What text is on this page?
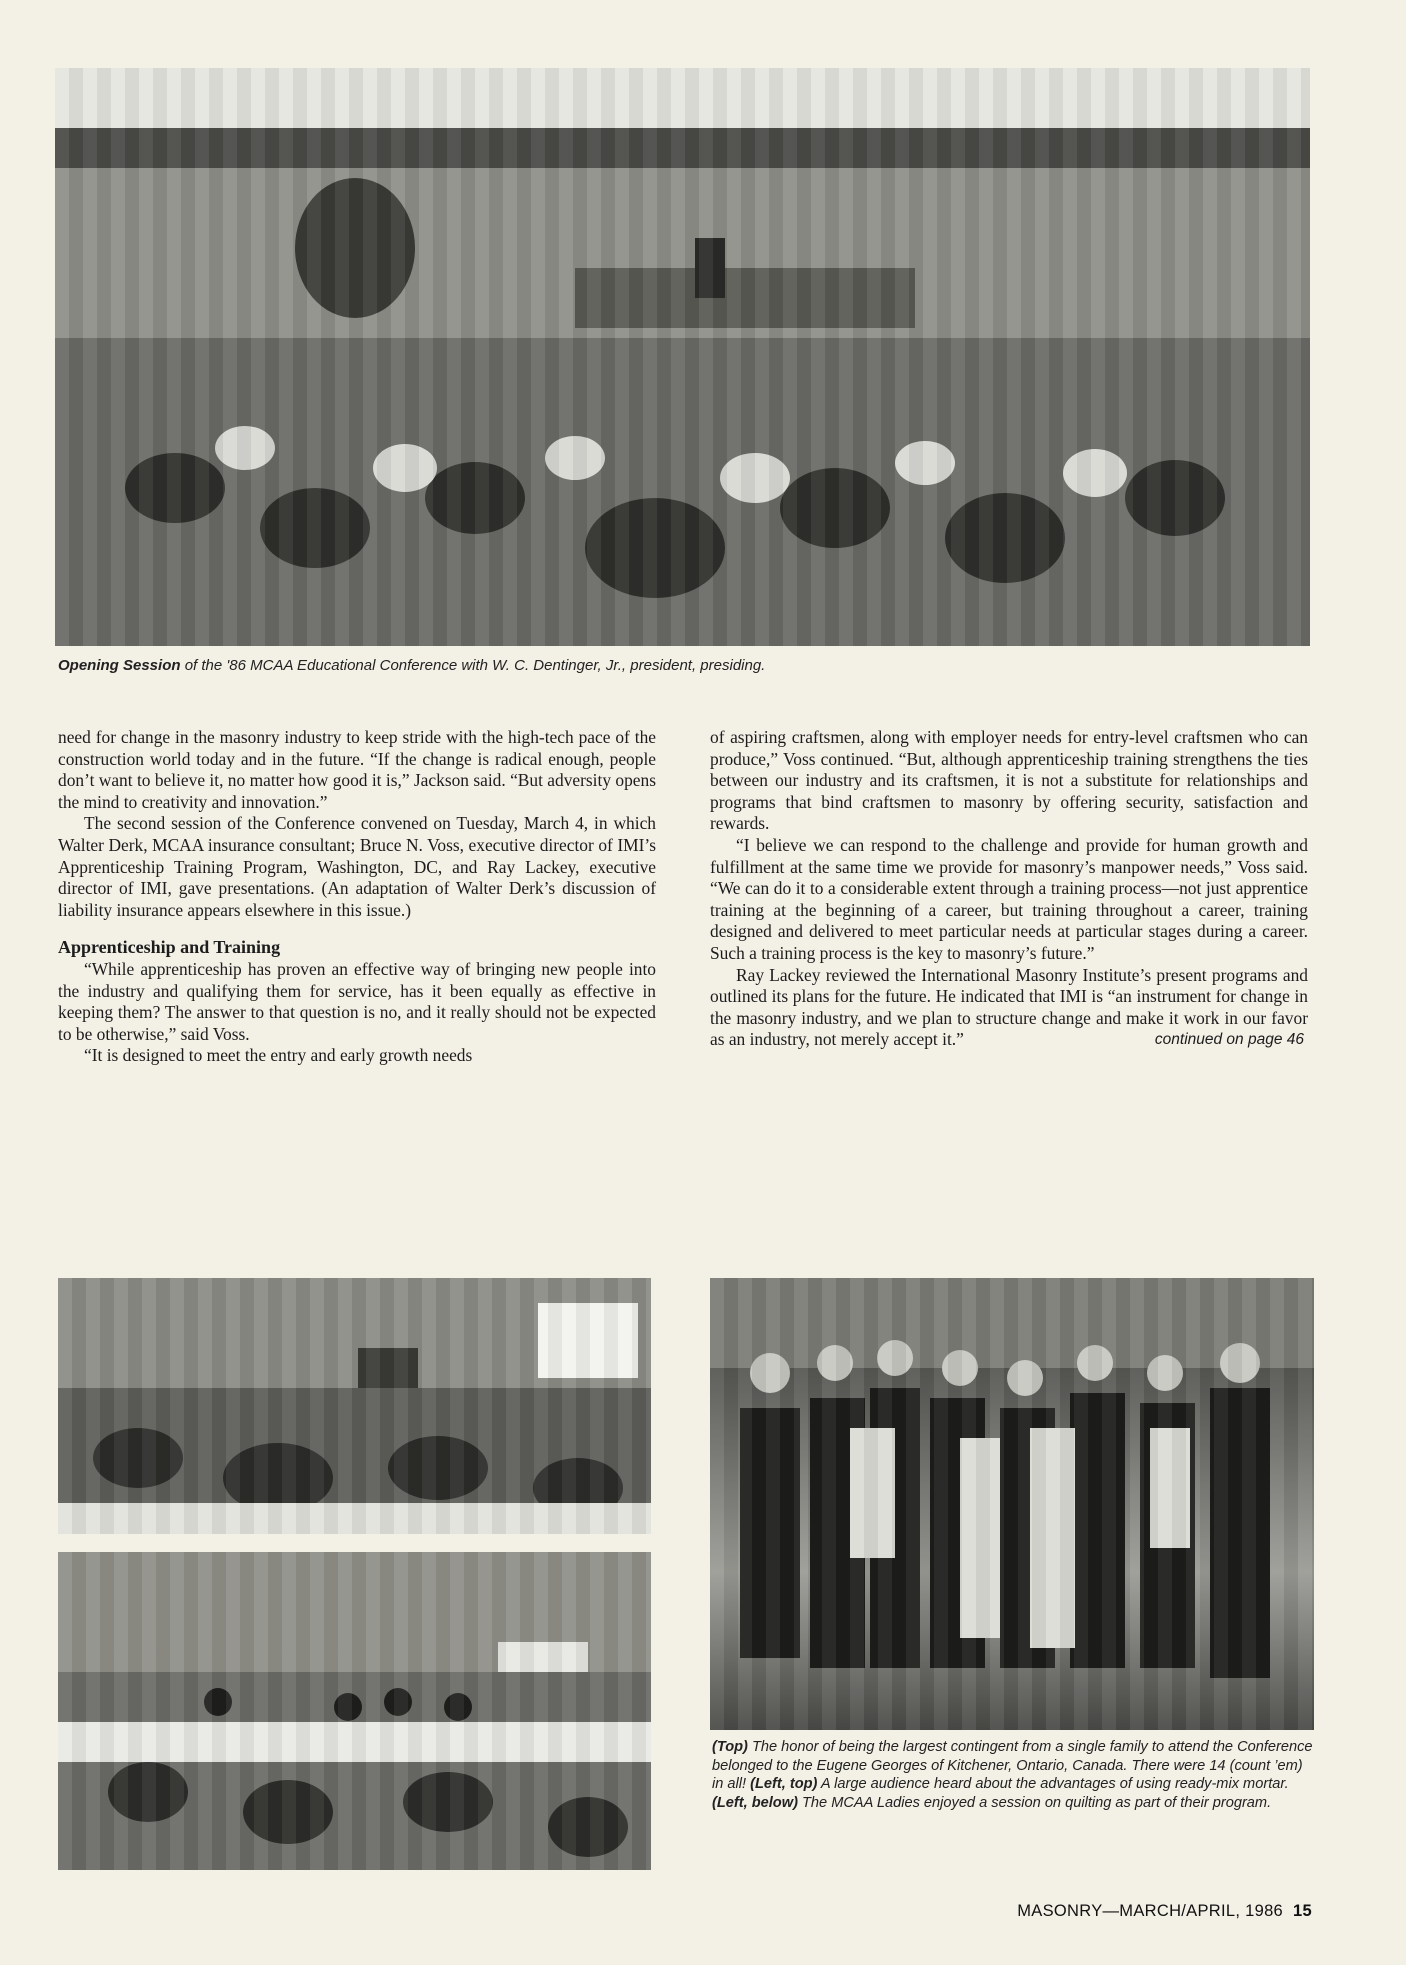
Opening Session of the '86 MCAA Educational Conference with W. C. Dentinger, Jr., president, presiding.

need for change in the masonry industry to keep stride with the high-tech pace of the construction world today and in the future. “If the change is radical enough, people don’t want to believe it, no matter how good it is,” Jackson said. “But adversity opens the mind to creativity and innovation.”

The second session of the Conference convened on Tuesday, March 4, in which Walter Derk, MCAA insurance consultant; Bruce N. Voss, executive director of IMI’s Apprenticeship Training Program, Washington, DC, and Ray Lackey, executive director of IMI, gave presentations. (An adaptation of Walter Derk’s discussion of liability insurance appears elsewhere in this issue.)

Apprenticeship and Training

“While apprenticeship has proven an effective way of bringing new people into the industry and qualifying them for service, has it been equally as effective in keeping them? The answer to that question is no, and it really should not be expected to be otherwise,” said Voss.

“It is designed to meet the entry and early growth needs

of aspiring craftsmen, along with employer needs for entry-level craftsmen who can produce,” Voss continued. “But, although apprenticeship training strengthens the ties between our industry and its craftsmen, it is not a substitute for relationships and programs that bind craftsmen to masonry by offering security, satisfaction and rewards.

“I believe we can respond to the challenge and provide for human growth and fulfillment at the same time we provide for masonry’s manpower needs,” Voss said. “We can do it to a considerable extent through a training process—not just apprentice training at the beginning of a career, but training throughout a career, training designed and delivered to meet particular needs at particular stages during a career. Such a training process is the key to masonry’s future.”

Ray Lackey reviewed the International Masonry Institute’s present programs and outlined its plans for the future. He indicated that IMI is “an instrument for change in the masonry industry, and we plan to structure change and make it work in our favor as an industry, not merely accept it.”	continued on page 46

(Top) The honor of being the largest contingent from a single family to attend the Conference belonged to the Eugene Georges of Kitchener, Ontario, Canada. There were 14 (count ’em) in all! (Left, top) A large audience heard about the advantages of using ready-mix mortar. (Left, below) The MCAA Ladies enjoyed a session on quilting as part of their program.
MASONRY—MARCH/APRIL, 1986 15
